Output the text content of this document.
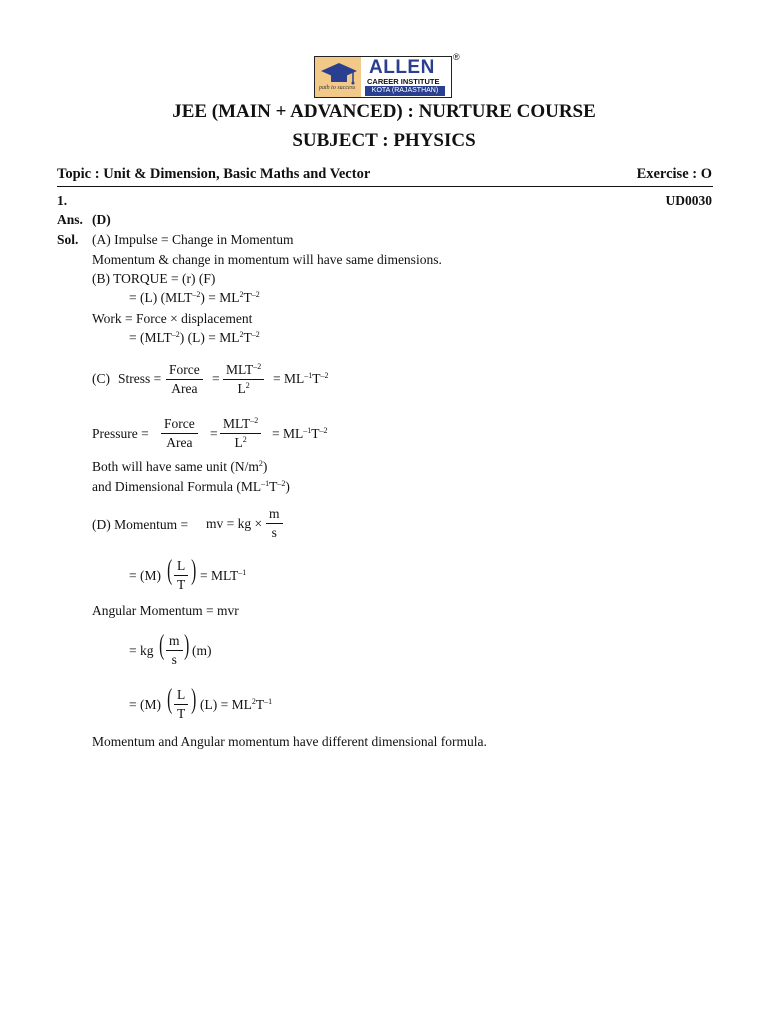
path to success
ALLEN
CAREER INSTITUTE
KOTA (RAJASTHAN)
®
JEE (MAIN + ADVANCED) : NURTURE COURSE
SUBJECT : PHYSICS
Topic : Unit & Dimension, Basic Maths and Vector	Exercise : O
1.	UD0030
Ans. (D)
Sol. (A) Impulse = Change in Momentum
Momentum & change in momentum will have same dimensions.
(B) TORQUE = (r) (F)
= (L) $(MLT^{-2}) = ML^2T^{-2}$
Work = Force × displacement
= $(MLT^{-2}) (L) = ML^2T^{-2}$
(C) Stress =
Force
Area
=
$MLT^{-2}$
$L^2$	= $ML^{-1}T^{-2}$
Pressure =
Force
Area
=
$MLT^{-2}$
$L^2$	= $ML^{-1}T^{-2}$
Both will have same unit $(N/m^2)$
and Dimensional Formula $(ML^{-1}T^{-2})$
(D) Momentum = mv = kg × $\frac{m}{s}$
= (M) ( $\frac{L}{T}$ ) = $MLT^{-1}$
Angular Momentum = mvr
= kg ( $\frac{m}{s}$ ) (m)
= (M) ( $\frac{L}{T}$ ) $(L) = ML^2T^{-1}$
Momentum and Angular momentum have different dimensional formula.
